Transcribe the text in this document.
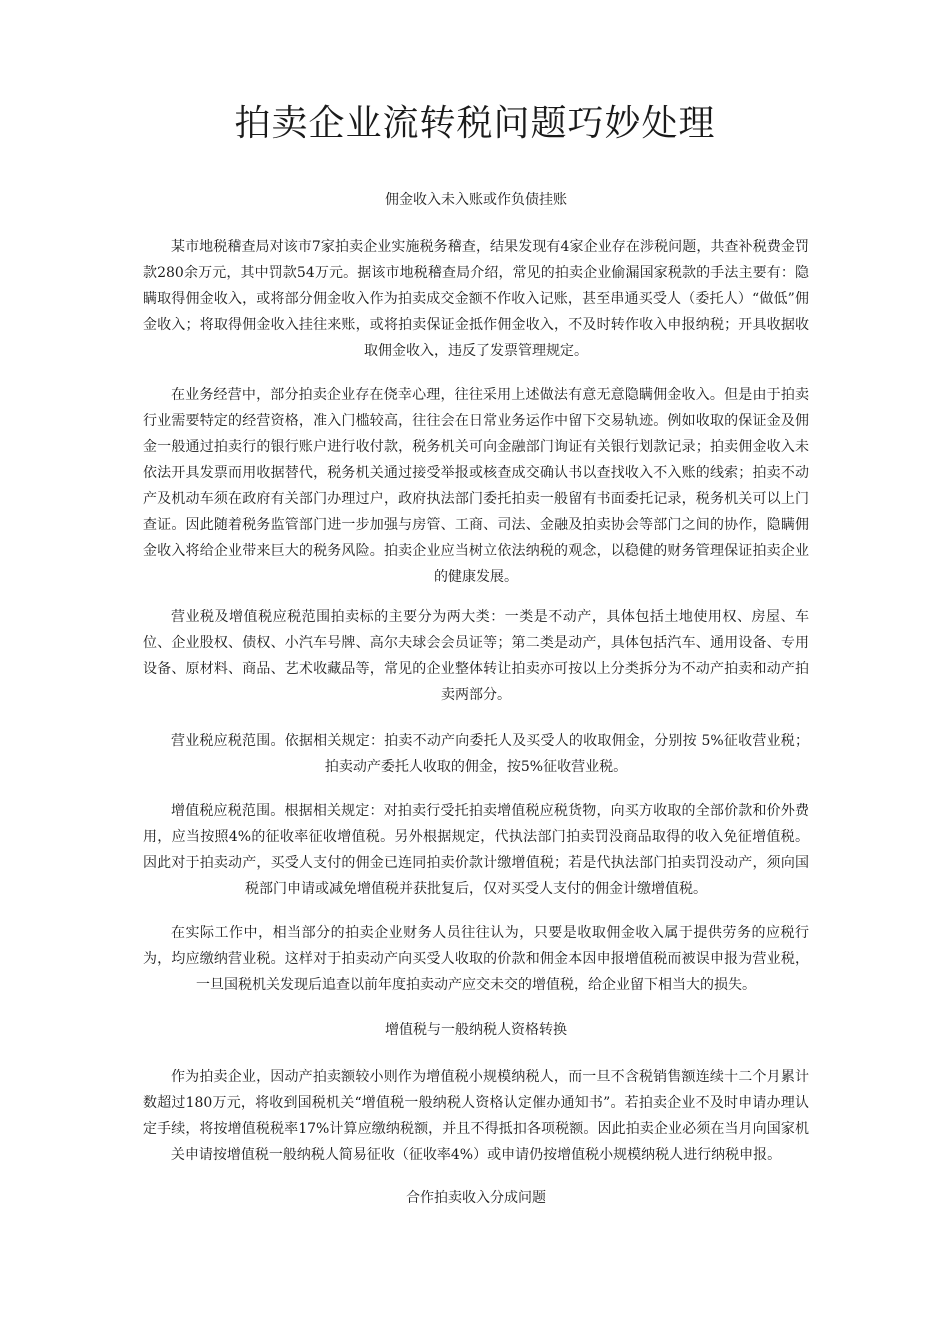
拍卖企业流转税问题巧妙处理

佣金收入未入账或作负债挂账

某市地税稽查局对该市7家拍卖企业实施税务稽查，结果发现有4家企业存在涉税问题，共查补税费金罚款280余万元，其中罚款54万元。据该市地税稽查局介绍，常见的拍卖企业偷漏国家税款的手法主要有：隐瞒取得佣金收入，或将部分佣金收入作为拍卖成交金额不作收入记账，甚至串通买受人（委托人）“做低”佣金收入；将取得佣金收入挂往来账，或将拍卖保证金抵作佣金收入，不及时转作收入申报纳税；开具收据收取佣金收入，违反了发票管理规定。

在业务经营中，部分拍卖企业存在侥幸心理，往往采用上述做法有意无意隐瞒佣金收入。但是由于拍卖行业需要特定的经营资格，准入门槛较高，往往会在日常业务运作中留下交易轨迹。例如收取的保证金及佣金一般通过拍卖行的银行账户进行收付款，税务机关可向金融部门询证有关银行划款记录；拍卖佣金收入未依法开具发票而用收据替代，税务机关通过接受举报或核查成交确认书以查找收入不入账的线索；拍卖不动产及机动车须在政府有关部门办理过户，政府执法部门委托拍卖一般留有书面委托记录，税务机关可以上门查证。因此随着税务监管部门进一步加强与房管、工商、司法、金融及拍卖协会等部门之间的协作，隐瞒佣金收入将给企业带来巨大的税务风险。拍卖企业应当树立依法纳税的观念，以稳健的财务管理保证拍卖企业的健康发展。

营业税及增值税应税范围拍卖标的主要分为两大类：一类是不动产，具体包括土地使用权、房屋、车位、企业股权、债权、小汽车号牌、高尔夫球会会员证等；第二类是动产，具体包括汽车、通用设备、专用设备、原材料、商品、艺术收藏品等，常见的企业整体转让拍卖亦可按以上分类拆分为不动产拍卖和动产拍卖两部分。

营业税应税范围。依据相关规定：拍卖不动产向委托人及买受人的收取佣金，分别按 5%征收营业税；拍卖动产委托人收取的佣金，按5%征收营业税。

增值税应税范围。根据相关规定：对拍卖行受托拍卖增值税应税货物，向买方收取的全部价款和价外费用，应当按照4%的征收率征收增值税。另外根据规定，代执法部门拍卖罚没商品取得的收入免征增值税。因此对于拍卖动产，买受人支付的佣金已连同拍卖价款计缴增值税；若是代执法部门拍卖罚没动产，须向国税部门申请或减免增值税并获批复后，仅对买受人支付的佣金计缴增值税。

在实际工作中，相当部分的拍卖企业财务人员往往认为，只要是收取佣金收入属于提供劳务的应税行为，均应缴纳营业税。这样对于拍卖动产向买受人收取的价款和佣金本因申报增值税而被误申报为营业税，一旦国税机关发现后追查以前年度拍卖动产应交未交的增值税，给企业留下相当大的损失。

增值税与一般纳税人资格转换

作为拍卖企业，因动产拍卖额较小则作为增值税小规模纳税人，而一旦不含税销售额连续十二个月累计数超过180万元，将收到国税机关“增值税一般纳税人资格认定催办通知书”。若拍卖企业不及时申请办理认定手续，将按增值税税率17%计算应缴纳税额，并且不得抵扣各项税额。因此拍卖企业必须在当月向国家机关申请按增值税一般纳税人简易征收（征收率4%）或申请仍按增值税小规模纳税人进行纳税申报。

合作拍卖收入分成问题
